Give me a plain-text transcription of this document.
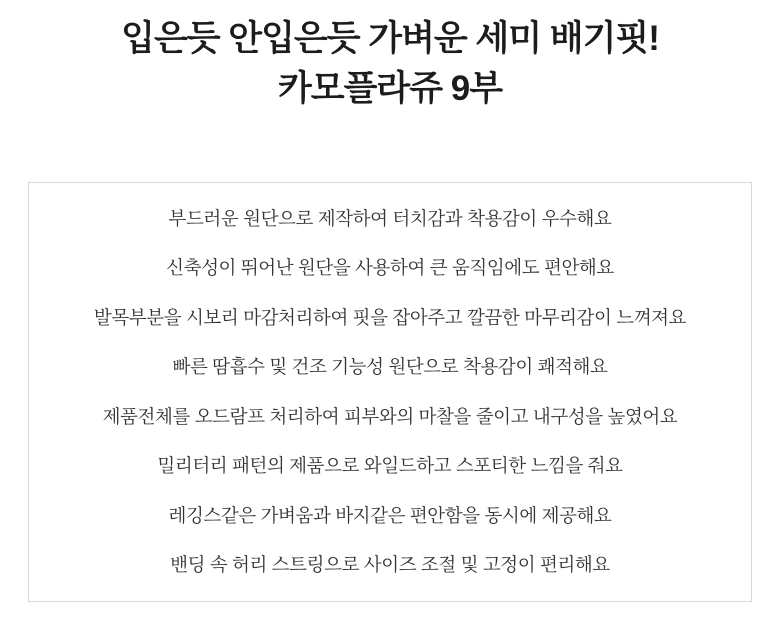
입은듯 안입은듯 가벼운 세미 배기핏!
카모플라쥬 9부
부드러운 원단으로 제작하여 터치감과 착용감이 우수해요
신축성이 뛰어난 원단을 사용하여 큰 움직임에도 편안해요
발목부분을 시보리 마감처리하여 핏을 잡아주고 깔끔한 마무리감이 느껴져요
빠른 땀흡수 및 건조 기능성 원단으로 착용감이 쾌적해요
제품전체를 오드람프 처리하여 피부와의 마찰을 줄이고 내구성을 높였어요
밀리터리 패턴의 제품으로 와일드하고 스포티한 느낌을 줘요
레깅스같은 가벼움과 바지같은 편안함을 동시에 제공해요
밴딩 속 허리 스트링으로 사이즈 조절 및 고정이 편리해요
